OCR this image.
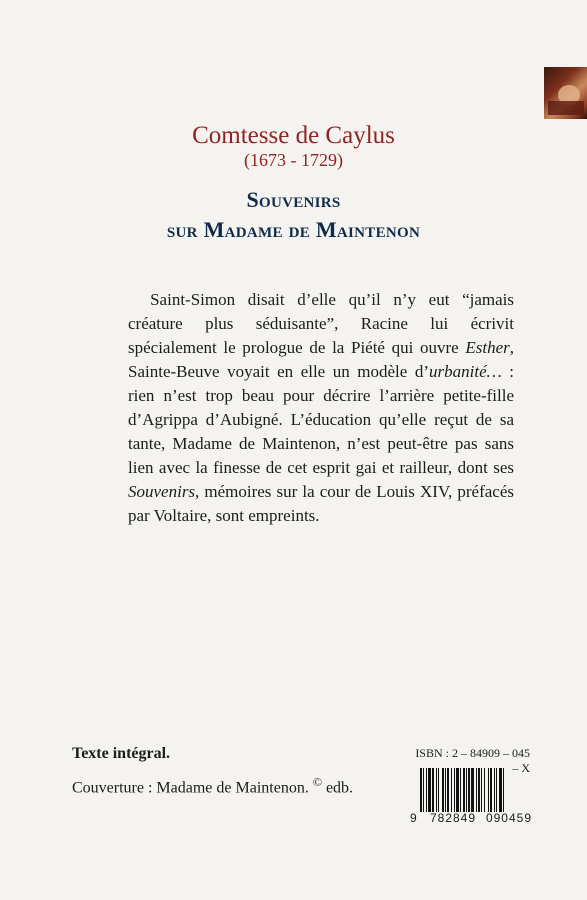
Comtesse de Caylus
(1673 - 1729)
Souvenirs
sur Madame de Maintenon
Saint-Simon disait d’elle qu’il n’y eut “jamais créature plus séduisante”, Racine lui écrivit spécialement le prologue de la Piété qui ouvre Esther, Sainte-Beuve voyait en elle un modèle d’urbanité… : rien n’est trop beau pour décrire l’arrière petite-fille d’Agrippa d’Aubigné. L’éducation qu’elle reçut de sa tante, Madame de Maintenon, n’est peut-être pas sans lien avec la finesse de cet esprit gai et railleur, dont ses Souvenirs, mémoires sur la cour de Louis XIV, préfacés par Voltaire, sont empreints.
Texte intégral.
Couverture : Madame de Maintenon. © edb.
ISBN : 2 – 84909 – 045 – X
9 782849 090459
